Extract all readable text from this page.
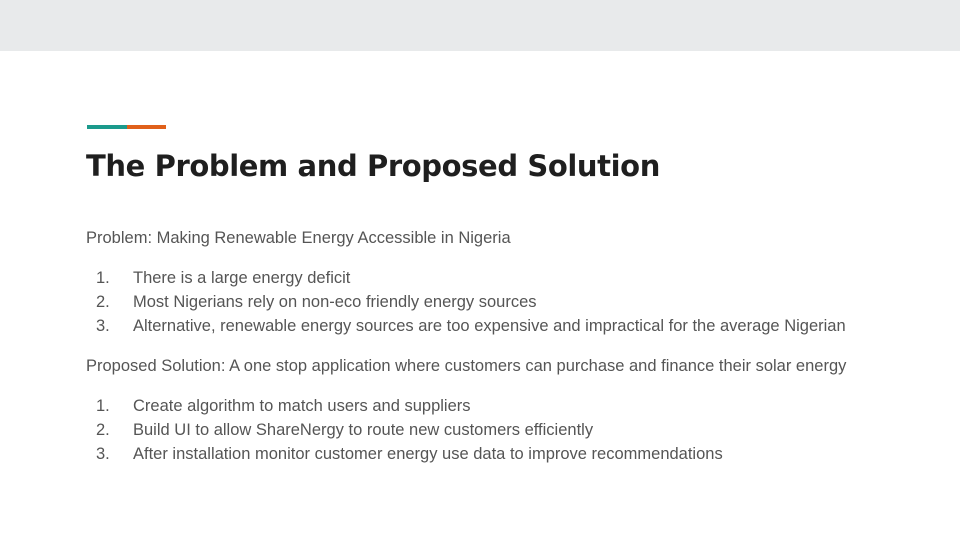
The Problem and Proposed Solution

Problem: Making Renewable Energy Accessible in Nigeria

1. There is a large energy deficit
2. Most Nigerians rely on non-eco friendly energy sources
3. Alternative, renewable energy sources are too expensive and impractical for the average Nigerian

Proposed Solution: A one stop application where customers can purchase and finance their solar energy

1. Create algorithm to match users and suppliers
2. Build UI to allow ShareNergy to route new customers efficiently
3. After installation monitor customer energy use data to improve recommendations
